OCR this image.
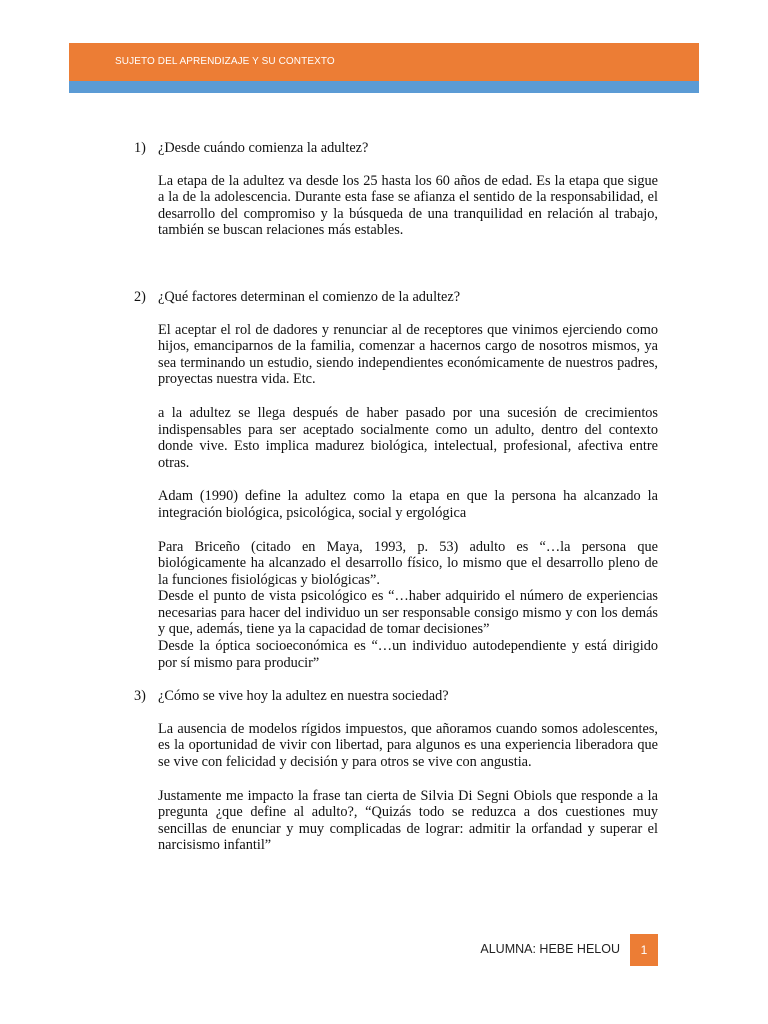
SUJETO DEL APRENDIZAJE Y SU CONTEXTO
1) ¿Desde cuándo comienza la adultez?

La etapa de la adultez va desde los 25 hasta los 60 años de edad. Es la etapa que sigue a la de la adolescencia. Durante esta fase se afianza el sentido de la responsabilidad, el desarrollo del compromiso y la búsqueda de una tranquilidad en relación al trabajo, también se buscan relaciones más estables.

2) ¿Qué factores determinan el comienzo de la adultez?

El aceptar el rol de dadores y renunciar al de receptores que vinimos ejerciendo como hijos, emanciparnos de la familia, comenzar a hacernos cargo de nosotros mismos, ya sea terminando un estudio, siendo independientes económicamente de nuestros padres, proyectas nuestra vida. Etc.

a la adultez se llega después de haber pasado por una sucesión de crecimientos indispensables para ser aceptado socialmente como un adulto, dentro del contexto donde vive. Esto implica madurez biológica, intelectual, profesional, afectiva entre otras.

Adam (1990) define la adultez como la etapa en que la persona ha alcanzado la integración biológica, psicológica, social y ergológica

Para Briceño (citado en Maya, 1993, p. 53) adulto es “…la persona que biológicamente ha alcanzado el desarrollo físico, lo mismo que el desarrollo pleno de la funciones fisiológicas y biológicas”.

Desde el punto de vista psicológico es “…haber adquirido el número de experiencias necesarias para hacer del individuo un ser responsable consigo mismo y con los demás y que, además, tiene ya la capacidad de tomar decisiones”

Desde la óptica socioeconómica es “…un individuo autodependiente y está dirigido por sí mismo para producir”

3) ¿Cómo se vive hoy la adultez en nuestra sociedad?

La ausencia de modelos rígidos impuestos, que añoramos cuando somos adolescentes, es la oportunidad de vivir con libertad, para algunos es una experiencia liberadora que se vive con felicidad y decisión y para otros se vive con angustia.

Justamente me impacto la frase tan cierta de Silvia Di Segni Obiols que responde a la pregunta ¿que define al adulto?, “Quizás todo se reduzca a dos cuestiones muy sencillas de enunciar y muy complicadas de lograr: admitir la orfandad y superar el narcisismo infantil”

ALUMNA: HEBE HELOU 1
